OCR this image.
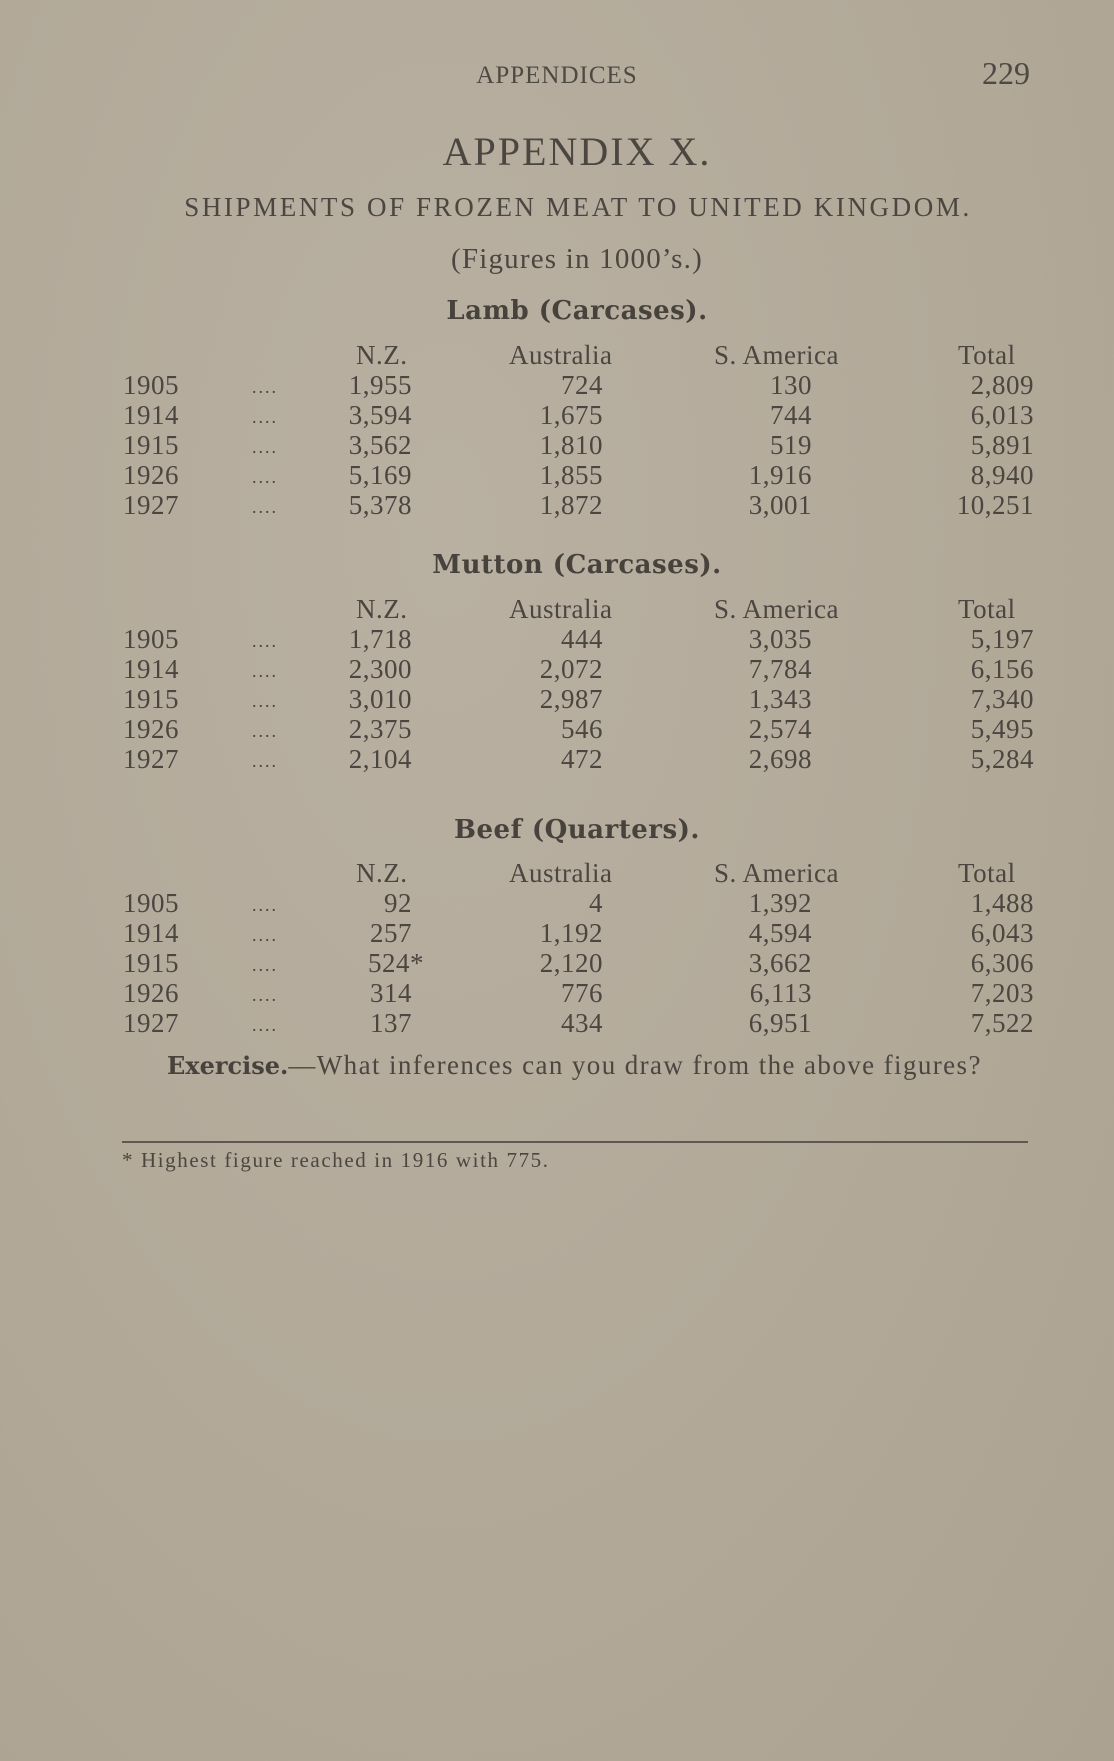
APPENDICES	229
APPENDIX X.
SHIPMENTS OF FROZEN MEAT TO UNITED KINGDOM.
(Figures in 1000’s.)
Lamb (Carcases).
N.Z.	Australia	S. America	Total
1905	....	1,955	724	130	2,809
1914	....	3,594	1,675	744	6,013
1915	....	3,562	1,810	519	5,891
1926	....	5,169	1,855	1,916	8,940
1927	....	5,378	1,872	3,001	10,251
Mutton (Carcases).
N.Z.	Australia	S. America	Total
1905	....	1,718	444	3,035	5,197
1914	....	2,300	2,072	7,784	6,156
1915	....	3,010	2,987	1,343	7,340
1926	....	2,375	546	2,574	5,495
1927	....	2,104	472	2,698	5,284
Beef (Quarters).
N.Z.	Australia	S. America	Total
1905	....	92	4	1,392	1,488
1914	....	257	1,192	4,594	6,043
1915	....	524*	2,120	3,662	6,306
1926	....	314	776	6,113	7,203
1927	....	137	434	6,951	7,522
Exercise.—What inferences can you draw from the above figures?
* Highest figure reached in 1916 with 775.
